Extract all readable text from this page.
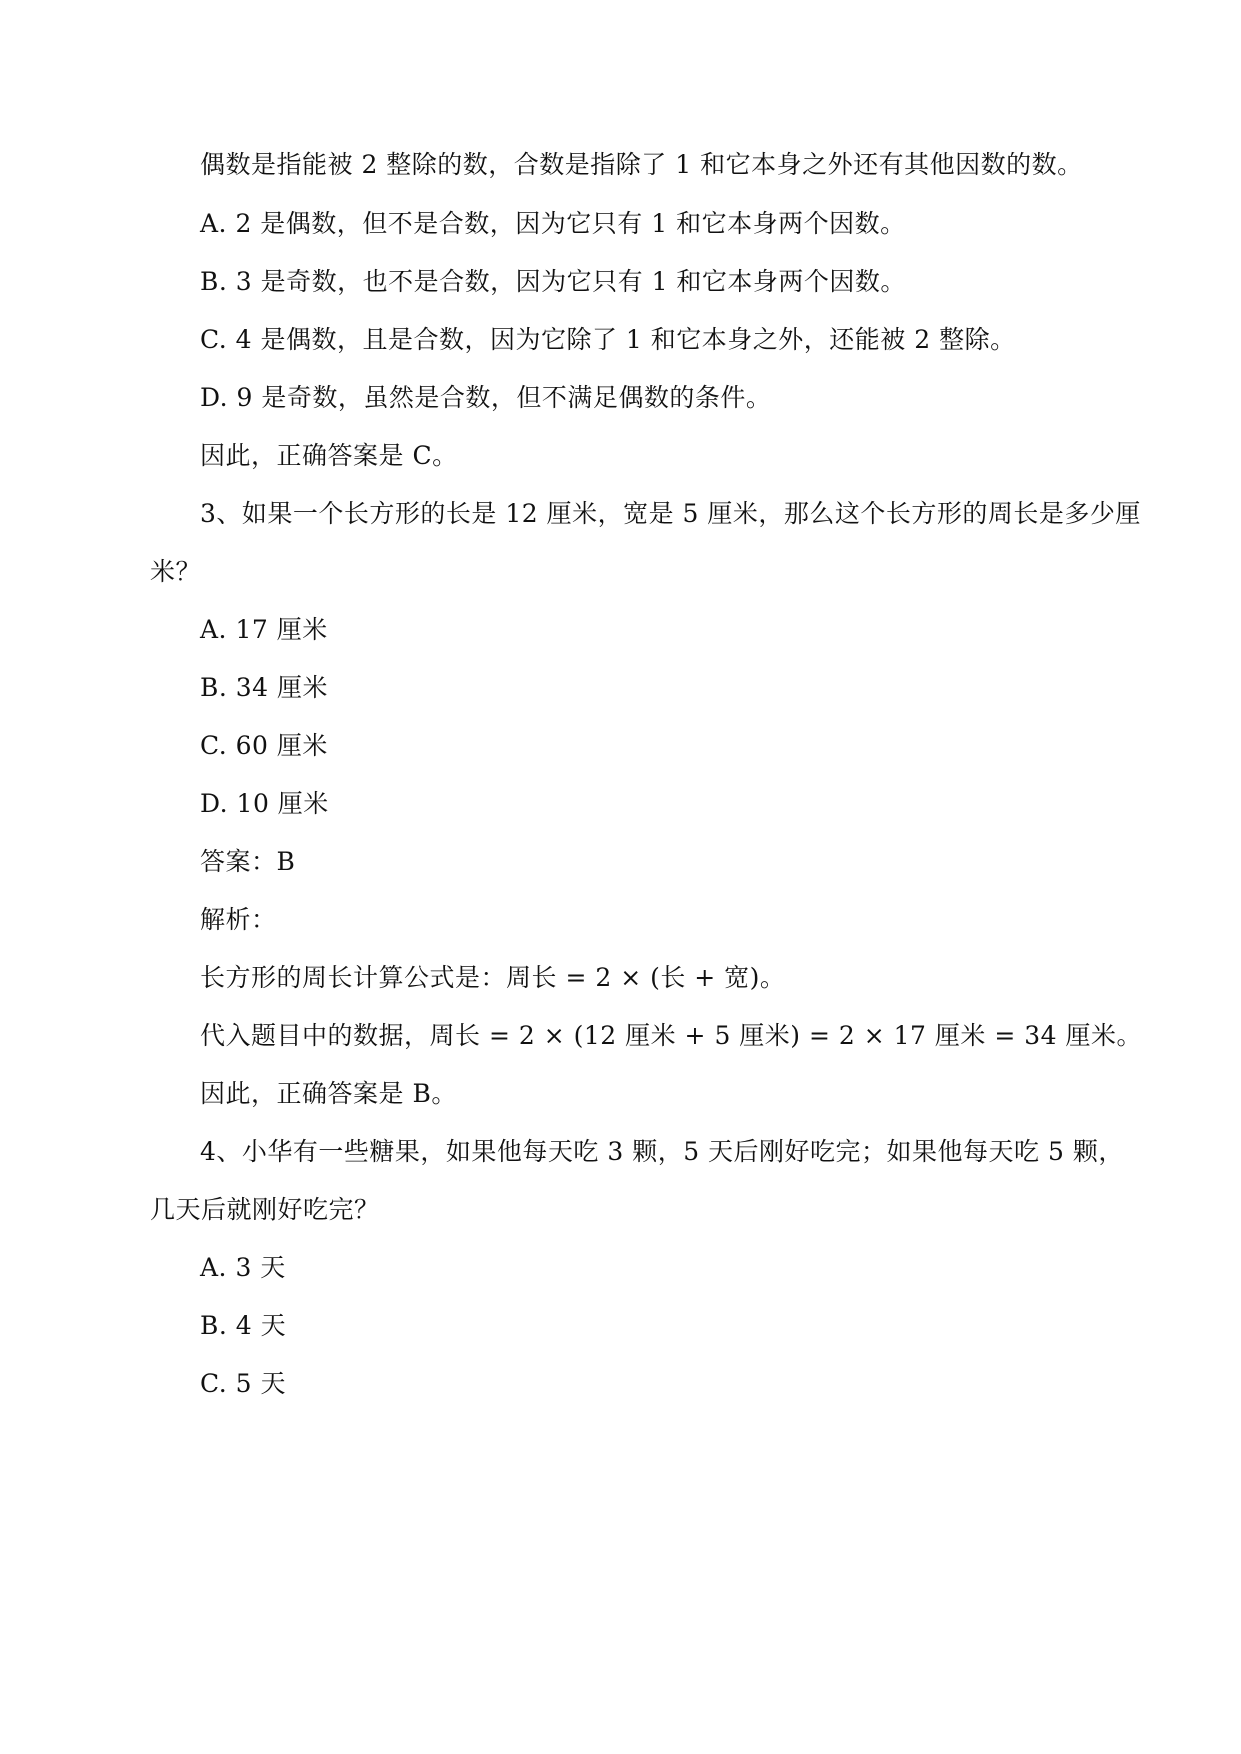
偶数是指能被 2 整除的数，合数是指除了 1 和它本身之外还有其他因数的数。
A. 2 是偶数，但不是合数，因为它只有 1 和它本身两个因数。
B. 3 是奇数，也不是合数，因为它只有 1 和它本身两个因数。
C. 4 是偶数，且是合数，因为它除了 1 和它本身之外，还能被 2 整除。
D. 9 是奇数，虽然是合数，但不满足偶数的条件。
因此，正确答案是 C。
3、如果一个长方形的长是 12 厘米，宽是 5 厘米，那么这个长方形的周长是多少厘
米？
A. 17 厘米
B. 34 厘米
C. 60 厘米
D. 10 厘米
答案：B
解析：
长方形的周长计算公式是：周长 = 2 × (长 + 宽)。
代入题目中的数据，周长 = 2 × (12 厘米 + 5 厘米) = 2 × 17 厘米 = 34 厘米。
因此，正确答案是 B。
4、小华有一些糖果，如果他每天吃 3 颗，5 天后刚好吃完；如果他每天吃 5 颗，
几天后就刚好吃完？
A. 3 天
B. 4 天
C. 5 天
